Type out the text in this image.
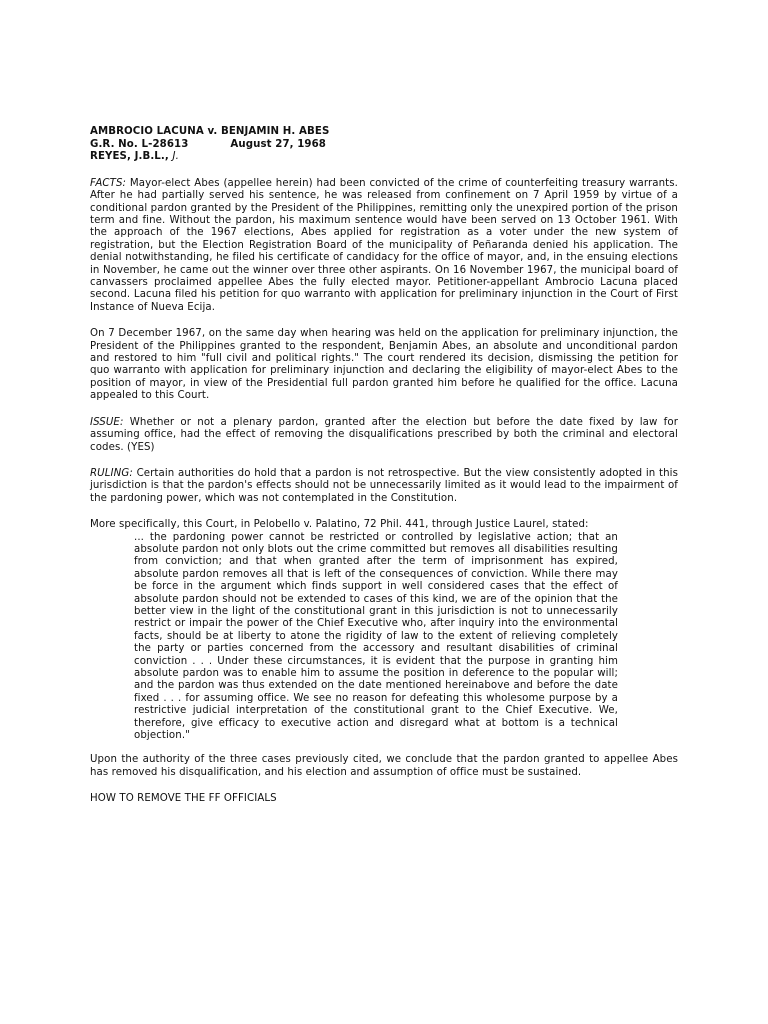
AMBROCIO LACUNA v. BENJAMIN H. ABES
G.R. No. L-28613	August 27, 1968
REYES, J.B.L., J.

FACTS: Mayor-elect Abes (appellee herein) had been convicted of the crime of counterfeiting treasury warrants. After he had partially served his sentence, he was released from confinement on 7 April 1959 by virtue of a conditional pardon granted by the President of the Philippines, remitting only the unexpired portion of the prison term and fine. Without the pardon, his maximum sentence would have been served on 13 October 1961. With the approach of the 1967 elections, Abes applied for registration as a voter under the new system of registration, but the Election Registration Board of the municipality of Peñaranda denied his application. The denial notwithstanding, he filed his certificate of candidacy for the office of mayor, and, in the ensuing elections in November, he came out the winner over three other aspirants. On 16 November 1967, the municipal board of canvassers proclaimed appellee Abes the fully elected mayor. Petitioner-appellant Ambrocio Lacuna placed second. Lacuna filed his petition for quo warranto with application for preliminary injunction in the Court of First Instance of Nueva Ecija.

On 7 December 1967, on the same day when hearing was held on the application for preliminary injunction, the President of the Philippines granted to the respondent, Benjamin Abes, an absolute and unconditional pardon and restored to him "full civil and political rights." The court rendered its decision, dismissing the petition for quo warranto with application for preliminary injunction and declaring the eligibility of mayor-elect Abes to the position of mayor, in view of the Presidential full pardon granted him before he qualified for the office. Lacuna appealed to this Court.

ISSUE: Whether or not a plenary pardon, granted after the election but before the date fixed by law for assuming office, had the effect of removing the disqualifications prescribed by both the criminal and electoral codes. (YES)

RULING: Certain authorities do hold that a pardon is not retrospective. But the view consistently adopted in this jurisdiction is that the pardon's effects should not be unnecessarily limited as it would lead to the impairment of the pardoning power, which was not contemplated in the Constitution.

More specifically, this Court, in Pelobello v. Palatino, 72 Phil. 441, through Justice Laurel, stated:

... the pardoning power cannot be restricted or controlled by legislative action; that an absolute pardon not only blots out the crime committed but removes all disabilities resulting from conviction; and that when granted after the term of imprisonment has expired, absolute pardon removes all that is left of the consequences of conviction. While there may be force in the argument which finds support in well considered cases that the effect of absolute pardon should not be extended to cases of this kind, we are of the opinion that the better view in the light of the constitutional grant in this jurisdiction is not to unnecessarily restrict or impair the power of the Chief Executive who, after inquiry into the environmental facts, should be at liberty to atone the rigidity of law to the extent of relieving completely the party or parties concerned from the accessory and resultant disabilities of criminal conviction . . . Under these circumstances, it is evident that the purpose in granting him absolute pardon was to enable him to assume the position in deference to the popular will; and the pardon was thus extended on the date mentioned hereinabove and before the date fixed . . . for assuming office. We see no reason for defeating this wholesome purpose by a restrictive judicial interpretation of the constitutional grant to the Chief Executive. We, therefore, give efficacy to executive action and disregard what at bottom is a technical objection."

Upon the authority of the three cases previously cited, we conclude that the pardon granted to appellee Abes has removed his disqualification, and his election and assumption of office must be sustained.

HOW TO REMOVE THE FF OFFICIALS
